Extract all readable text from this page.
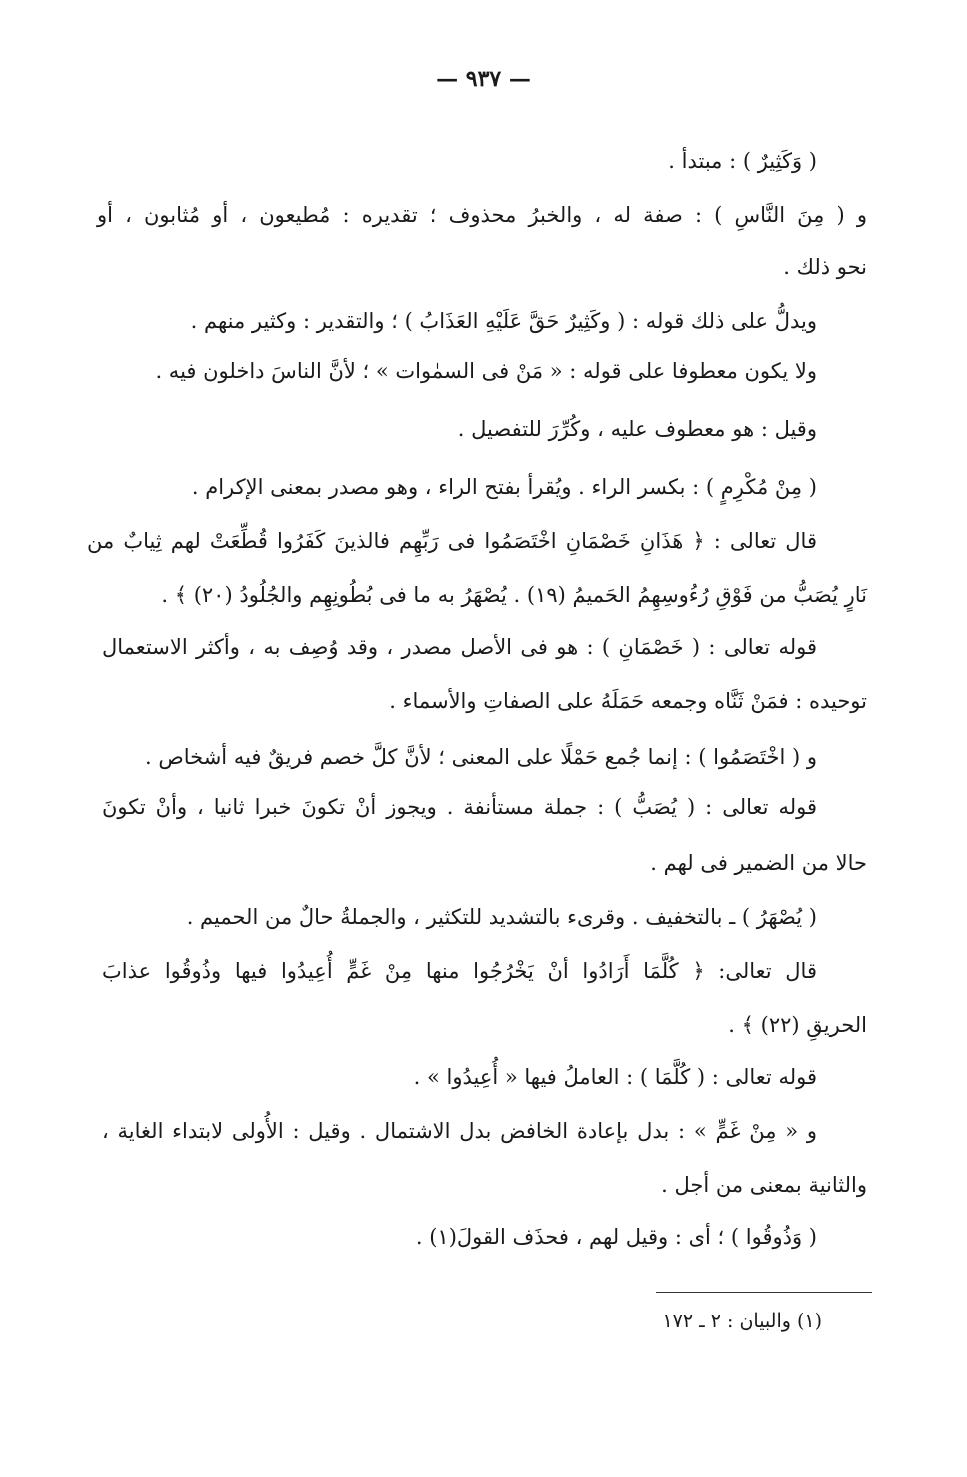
— ٩٣٧ —
( وَكَثِيرٌ ) : مبتدأ .
و ( مِنَ النَّاسِ ) : صفة له ، والخبرُ محذوف ؛ تقديره : مُطيعون ، أو مُثابون ، أو
نحو ذلك .
ويدلُّ على ذلك قوله : ( وكَثِيرٌ حَقَّ عَلَيْهِ العَذَابُ ) ؛ والتقدير : وكثير منهم .
ولا يكون معطوفا على قوله : « مَنْ فى السمٰوات » ؛ لأنَّ الناسَ داخلون فيه .
وقيل : هو معطوف عليه ، وكُرِّرَ للتفصيل .
( مِنْ مُكْرِمٍ ) : بكسر الراء . ويُقرأ بفتح الراء ، وهو مصدر بمعنى الإكرام .
قال تعالى : ﴿ هَذَانِ خَصْمَانِ اخْتَصَمُوا فى رَبِّهِم فالذينَ كَفَرُوا قُطِّعَتْ لهم ثِيابٌ من
نَارٍ يُصَبُّ من فَوْقِ رُءُوسِهِمُ الحَميمُ (١٩) . يُصْهَرُ به ما فى بُطُونِهِم والجُلُودُ (٢٠) ﴾ .
قوله تعالى : ( خَصْمَانِ ) : هو فى الأصل مصدر ، وقد وُصِف به ، وأكثر الاستعمال
توحيده : فمَنْ ثَنَّاه وجمعه حَمَلَهُ على الصفاتِ والأسماء .
و ( اخْتَصَمُوا ) : إنما جُمع حَمْلًا على المعنى ؛ لأنَّ كلَّ خصم فريقٌ فيه أشخاص .
قوله تعالى : ( يُصَبُّ ) : جملة مستأنفة . ويجوز أنْ تكونَ خبرا ثانيا ، وأنْ تكونَ
حالا من الضمير فى لهم .
( يُصْهَرُ ) ـ بالتخفيف . وقرىء بالتشديد للتكثير ، والجملةُ حالٌ من الحميم .
قال تعالى: ﴿ كُلَّمَا أَرَادُوا أنْ يَخْرُجُوا منها مِنْ غَمٍّ أُعِيدُوا فيها وذُوقُوا عذابَ
الحريقِ (٢٢) ﴾ .
قوله تعالى : ( كُلَّمَا ) : العاملُ فيها « أُعِيدُوا » .
و « مِنْ غَمٍّ » : بدل بإعادة الخافض بدل الاشتمال . وقيل : الأُولى لابتداء الغاية ،
والثانية بمعنى من أجل .
( وَذُوقُوا ) ؛ أى : وقيل لهم ، فحذَف القولَ(١) .
(١) والبيان : ٢ ـ ١٧٢
